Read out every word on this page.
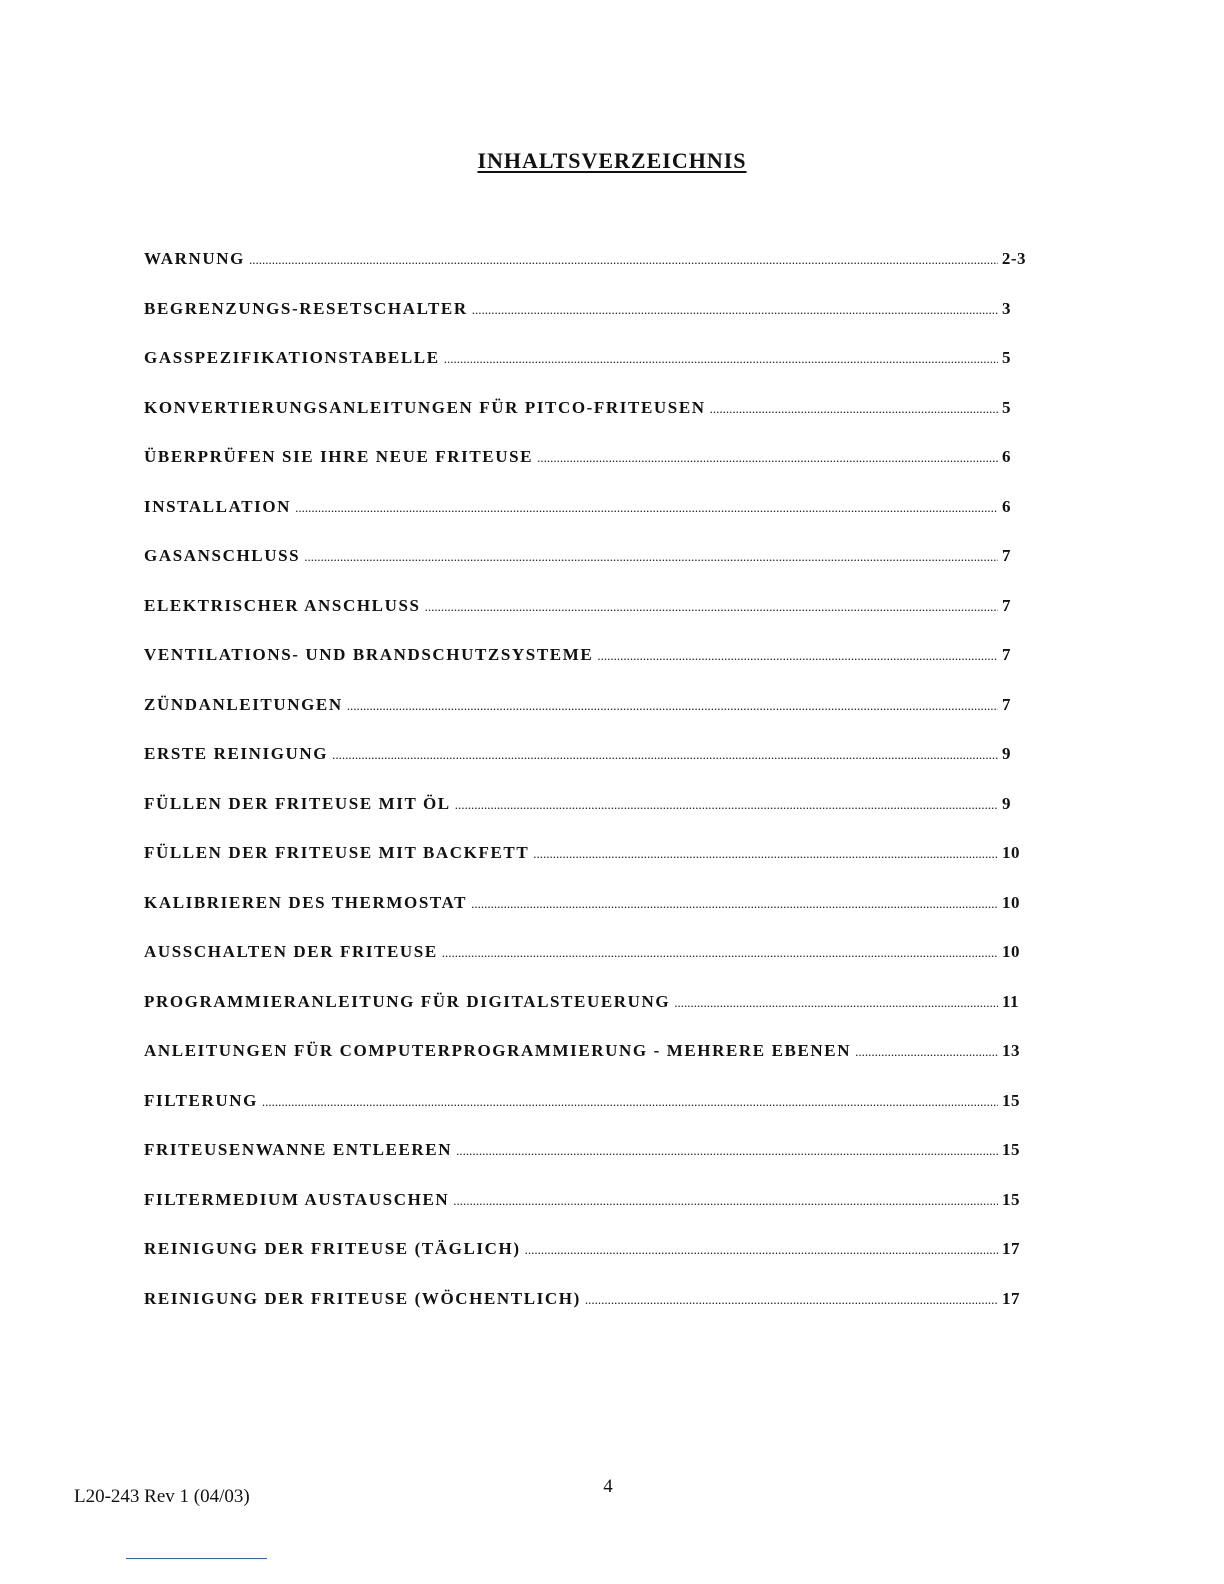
INHALTSVERZEICHNIS
WARNUNG .....	2-3
BEGRENZUNGS-RESETSCHALTER .....	3
GASSPEZIFIKATIONSTABELLE .....	5
KONVERTIERUNGSANLEITUNGEN FÜR PITCO-FRITEUSEN .....	5
ÜBERPRÜFEN SIE IHRE NEUE FRITEUSE .....	6
INSTALLATION .....	6
GASANSCHLUSS .....	7
ELEKTRISCHER ANSCHLUSS .....	7
VENTILATIONS- UND BRANDSCHUTZSYSTEME .....	7
ZÜNDANLEITUNGEN .....	7
ERSTE REINIGUNG .....	9
FÜLLEN DER FRITEUSE MIT ÖL .....	9
FÜLLEN DER FRITEUSE MIT BACKFETT .....	10
KALIBRIEREN DES THERMOSTAT .....	10
AUSSCHALTEN DER FRITEUSE .....	10
PROGRAMMIERANLEITUNG FÜR DIGITALSTEUERUNG .....	11
ANLEITUNGEN FÜR COMPUTERPROGRAMMIERUNG - MEHRERE EBENEN .....	13
FILTERUNG .....	15
FRITEUSENWANNE ENTLEEREN .....	15
FILTERMEDIUM AUSTAUSCHEN .....	15
REINIGUNG DER FRITEUSE (TÄGLICH) .....	17
REINIGUNG DER FRITEUSE (WÖCHENTLICH) .....	17
L20-243 Rev 1 (04/03)	4
